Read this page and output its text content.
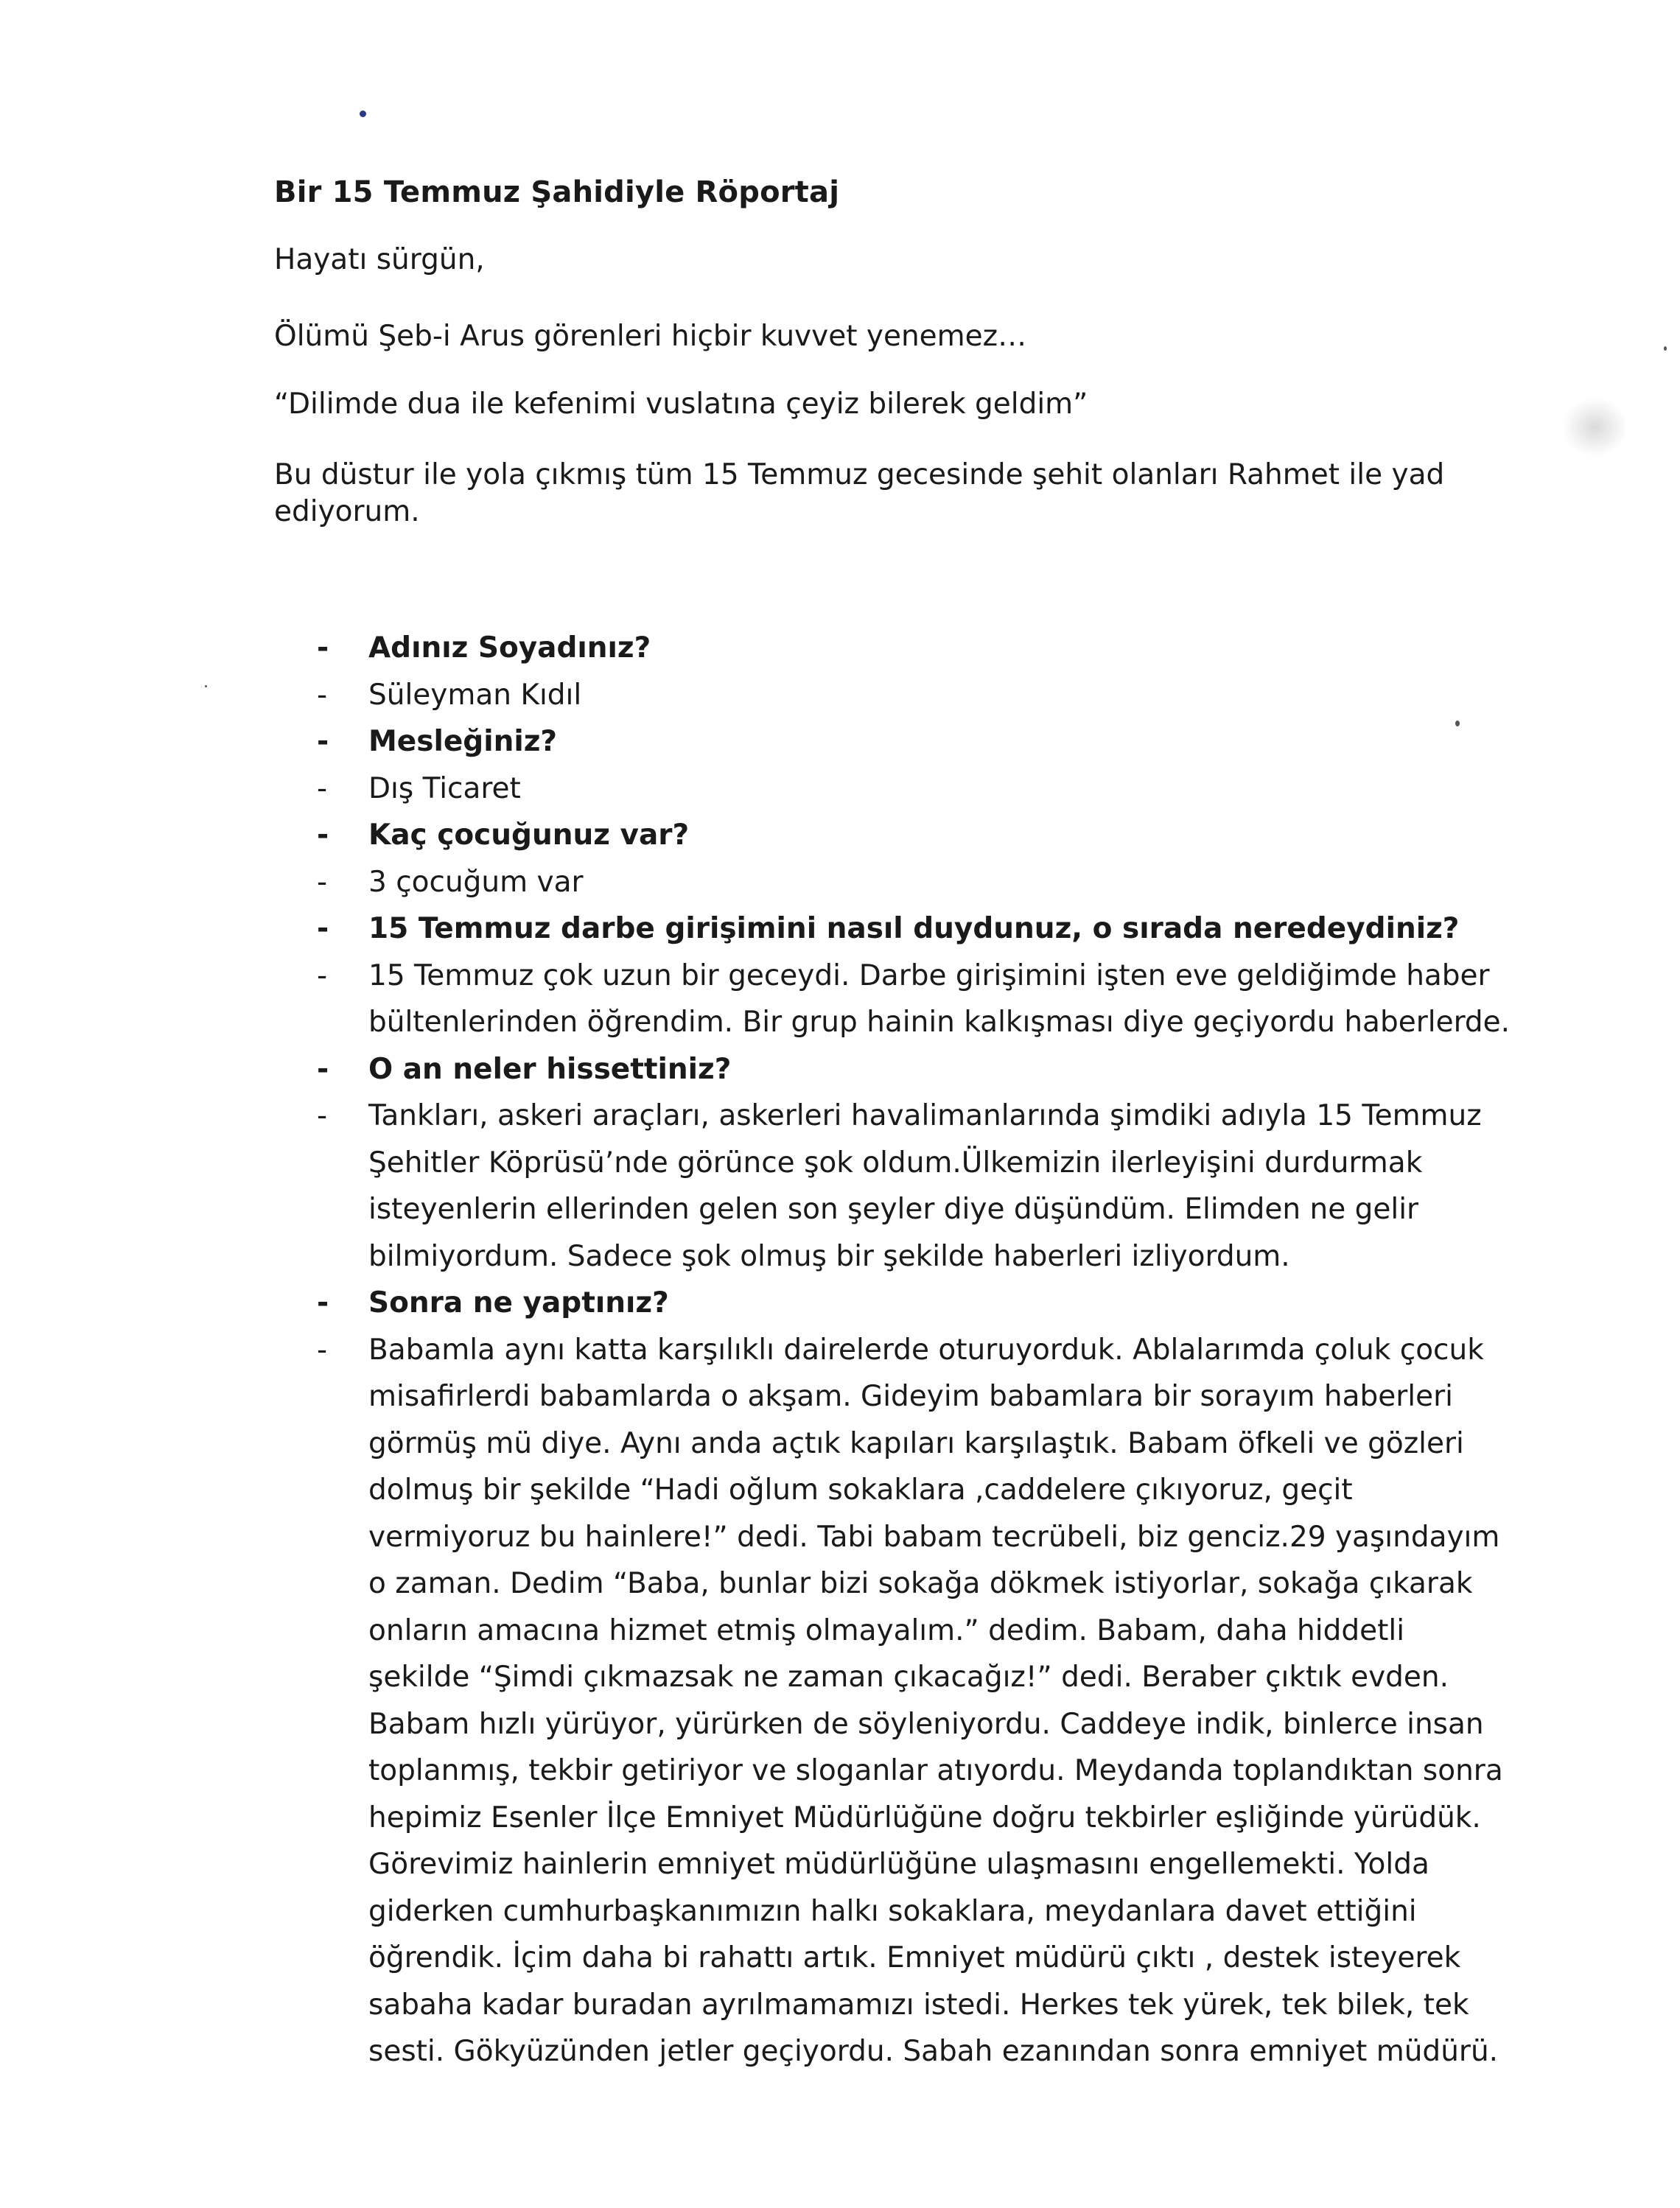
Bir 15 Temmuz Şahidiyle Röportaj
Hayatı sürgün,
Ölümü Şeb-i Arus görenleri hiçbir kuvvet yenemez…
“Dilimde dua ile kefenimi vuslatına çeyiz bilerek geldim”
Bu düstur ile yola çıkmış tüm 15 Temmuz gecesinde şehit olanları Rahmet ile yad
ediyorum.
- Adınız Soyadınız?
- Süleyman Kıdıl
- Mesleğiniz?
- Dış Ticaret
- Kaç çocuğunuz var?
- 3 çocuğum var
- 15 Temmuz darbe girişimini nasıl duydunuz, o sırada neredeydiniz?
- 15 Temmuz çok uzun bir geceydi. Darbe girişimini işten eve geldiğimde haber
bültenlerinden öğrendim. Bir grup hainin kalkışması diye geçiyordu haberlerde.
- O an neler hissettiniz?
- Tankları, askeri araçları, askerleri havalimanlarında şimdiki adıyla 15 Temmuz
Şehitler Köprüsü’nde görünce şok oldum.Ülkemizin ilerleyişini durdurmak
isteyenlerin ellerinden gelen son şeyler diye düşündüm. Elimden ne gelir
bilmiyordum. Sadece şok olmuş bir şekilde haberleri izliyordum.
- Sonra ne yaptınız?
- Babamla aynı katta karşılıklı dairelerde oturuyorduk. Ablalarımda çoluk çocuk
misafirlerdi babamlarda o akşam. Gideyim babamlara bir sorayım haberleri
görmüş mü diye. Aynı anda açtık kapıları karşılaştık. Babam öfkeli ve gözleri
dolmuş bir şekilde “Hadi oğlum sokaklara ,caddelere çıkıyoruz, geçit
vermiyoruz bu hainlere!” dedi. Tabi babam tecrübeli, biz genciz.29 yaşındayım
o zaman. Dedim “Baba, bunlar bizi sokağa dökmek istiyorlar, sokağa çıkarak
onların amacına hizmet etmiş olmayalım.” dedim. Babam, daha hiddetli
şekilde “Şimdi çıkmazsak ne zaman çıkacağız!” dedi. Beraber çıktık evden.
Babam hızlı yürüyor, yürürken de söyleniyordu. Caddeye indik, binlerce insan
toplanmış, tekbir getiriyor ve sloganlar atıyordu. Meydanda toplandıktan sonra
hepimiz Esenler İlçe Emniyet Müdürlüğüne doğru tekbirler eşliğinde yürüdük.
Görevimiz hainlerin emniyet müdürlüğüne ulaşmasını engellemekti. Yolda
giderken cumhurbaşkanımızın halkı sokaklara, meydanlara davet ettiğini
öğrendik. İçim daha bi rahattı artık. Emniyet müdürü çıktı , destek isteyerek
sabaha kadar buradan ayrılmamamızı istedi. Herkes tek yürek, tek bilek, tek
sesti. Gökyüzünden jetler geçiyordu. Sabah ezanından sonra emniyet müdürü.
